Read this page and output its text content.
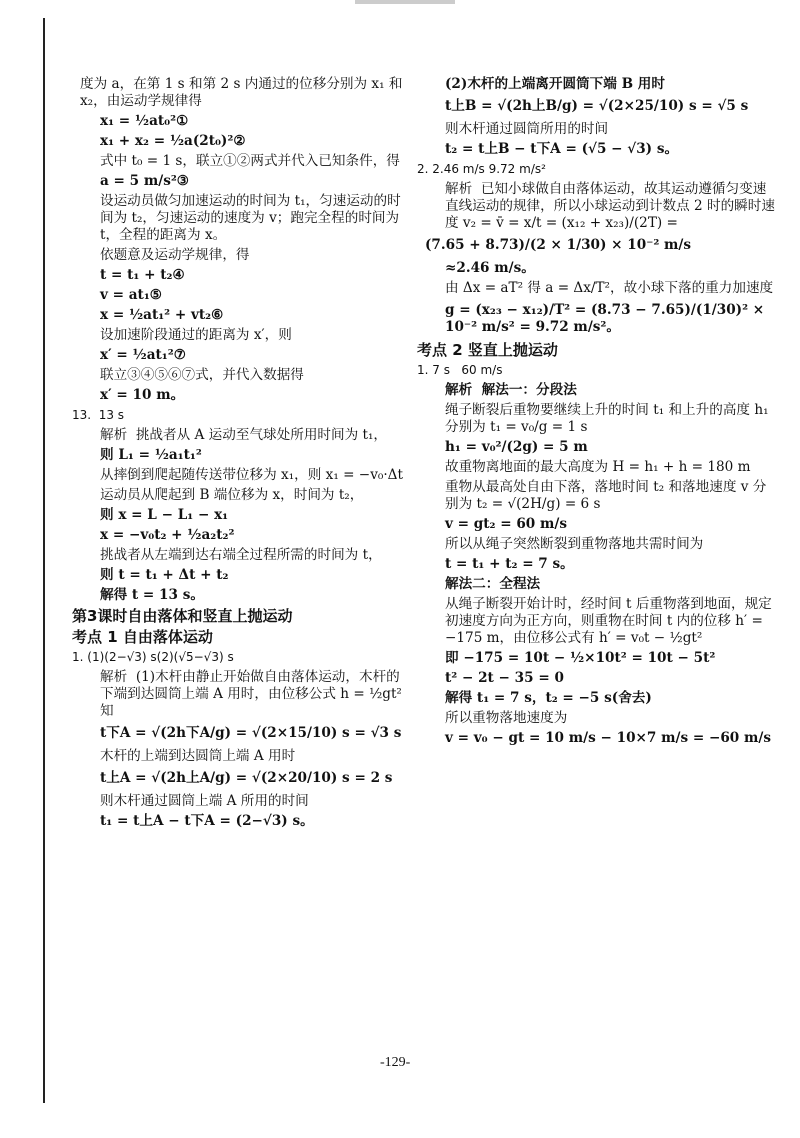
度为 a，在第 1 s 和第 2 s 内通过的位移分别为 x₁ 和 x₂，由运动学规律得

x₁ = ½at₀²①

x₁ + x₂ = ½a(2t₀)²②

式中 t₀ = 1 s，联立①②两式并代入已知条件，得

a = 5 m/s²③

设运动员做匀加速运动的时间为 t₁，匀速运动的时间为 t₂，匀速运动的速度为 v；跑完全程的时间为 t，全程的距离为 x。

依题意及运动学规律，得

t = t₁ + t₂④

v = at₁⑤

x = ½at₁² + vt₂⑥

设加速阶段通过的距离为 x′，则

x′ = ½at₁²⑦

联立③④⑤⑥⑦式，并代入数据得

x′ = 10 m。

13.  13 s

解析  挑战者从 A 运动至气球处所用时间为 t₁，

则 L₁ = ½a₁t₁²

从摔倒到爬起随传送带位移为 x₁，则 x₁ = −v₀·Δt

运动员从爬起到 B 端位移为 x，时间为 t₂，

则 x = L − L₁ − x₁

x = −v₀t₂ + ½a₂t₂²

挑战者从左端到达右端全过程所需的时间为 t，

则 t = t₁ + Δt + t₂

解得 t = 13 s。

第3课时自由落体和竖直上抛运动

考点 1 自由落体运动

1. (1)(2−√3) s(2)(√5−√3) s

解析  (1)木杆由静止开始做自由落体运动，木杆的下端到达圆筒上端 A 用时，由位移公式 h = ½gt² 知

t下A = √(2h下A/g) = √(2×15/10) s = √3 s

木杆的上端到达圆筒上端 A 用时

t上A = √(2h上A/g) = √(2×20/10) s = 2 s

则木杆通过圆筒上端 A 所用的时间

t₁ = t上A − t下A = (2−√3) s。

(2)木杆的上端离开圆筒下端 B 用时

t上B = √(2h上B/g) = √(2×25/10) s = √5 s

则木杆通过圆筒所用的时间

t₂ = t上B − t下A = (√5 − √3) s。

2. 2.46 m/s 9.72 m/s²

解析  已知小球做自由落体运动，故其运动遵循匀变速直线运动的规律，所以小球运动到计数点 2 时的瞬时速度 v₂ = v̄ = x/t = (x₁₂ + x₂₃)/(2T) =

(7.65 + 8.73)/(2 × 1/30) × 10⁻² m/s

≈2.46 m/s。

由 Δx = aT² 得 a = Δx/T²，故小球下落的重力加速度

g = (x₂₃ − x₁₂)/T² = (8.73 − 7.65)/(1/30)² × 10⁻² m/s² = 9.72 m/s²。

考点 2 竖直上抛运动

1. 7 s   60 m/s

解析  解法一：分段法

绳子断裂后重物要继续上升的时间 t₁ 和上升的高度 h₁ 分别为 t₁ = v₀/g = 1 s

h₁ = v₀²/(2g) = 5 m

故重物离地面的最大高度为 H = h₁ + h = 180 m

重物从最高处自由下落，落地时间 t₂ 和落地速度 v 分别为 t₂ = √(2H/g) = 6 s

v = gt₂ = 60 m/s

所以从绳子突然断裂到重物落地共需时间为

t = t₁ + t₂ = 7 s。

解法二：全程法

从绳子断裂开始计时，经时间 t 后重物落到地面，规定初速度方向为正方向，则重物在时间 t 内的位移 h′ = −175 m，由位移公式有 h′ = v₀t − ½gt²

即 −175 = 10t − ½×10t² = 10t − 5t²

t² − 2t − 35 = 0

解得 t₁ = 7 s，t₂ = −5 s(舍去)

所以重物落地速度为

v = v₀ − gt = 10 m/s − 10×7 m/s = −60 m/s

-129-
